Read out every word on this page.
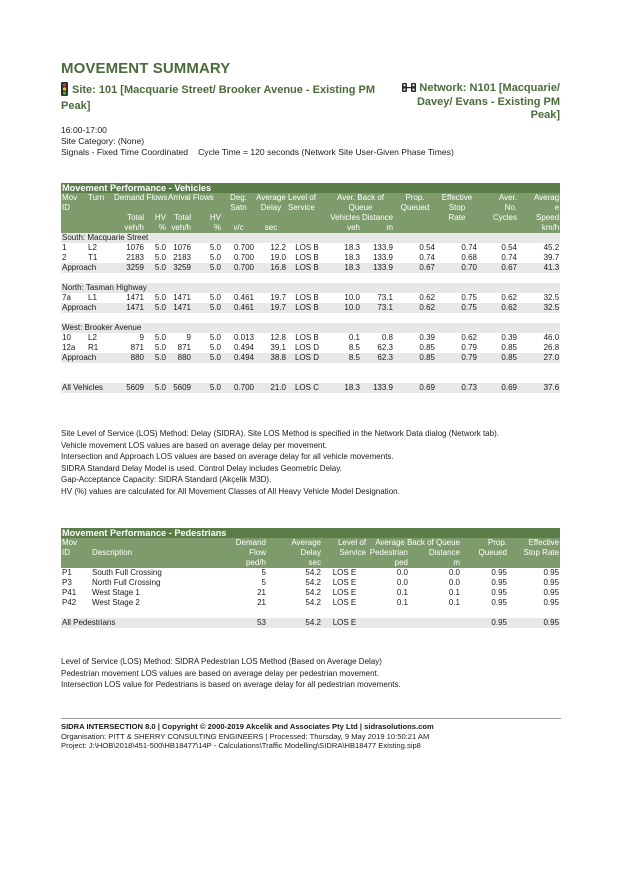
MOVEMENT SUMMARY
Site: 101 [Macquarie Street/ Brooker Avenue - Existing PM Peak]
Network: N101 [Macquarie/ Davey/ Evans - Existing PM Peak]
16:00-17:00
Site Category: (None)
Signals - Fixed Time Coordinated Cycle Time = 120 seconds (Network Site User-Given Phase Times)
Movement Performance - Vehicles														
Mov	Turn	Demand Flows		Arrival Flows		Deg.	Average	Level of	Aver. Back of		Prop.	Effective	Aver.	Averag
ID						Satn	Delay	Service	Queue		Queued	Stop	No.	e
		Total	HV	Total	HV				Vehicles	Distance		Rate	Cycles	Speed
		veh/h	%	veh/h	%	v/c	sec		veh	m				km/h
South: Macquarie Street														
1	L2	1076	5.0	1076	5.0	0.700	12.2	LOS B	18.3	133.9	0.54	0.74	0.54	45.2
2	T1	2183	5.0	2183	5.0	0.700	19.0	LOS B	18.3	133.9	0.74	0.68	0.74	39.7
Approach		3259	5.0	3259	5.0	0.700	16.8	LOS B	18.3	133.9	0.67	0.70	0.67	41.3

North: Tasman Highway														
7a	L1	1471	5.0	1471	5.0	0.461	19.7	LOS B	10.0	73.1	0.62	0.75	0.62	32.5
Approach		1471	5.0	1471	5.0	0.461	19.7	LOS B	10.0	73.1	0.62	0.75	0.62	32.5

West: Brooker Avenue														
10	L2	9	5.0	9	5.0	0.013	12.8	LOS B	0.1	0.8	0.39	0.62	0.39	46.0
12a	R1	871	5.0	871	5.0	0.494	39.1	LOS D	8.5	62.3	0.85	0.79	0.85	26.8
Approach		880	5.0	880	5.0	0.494	38.8	LOS D	8.5	62.3	0.85	0.79	0.85	27.0

All Vehicles		5609	5.0	5609	5.0	0.700	21.0	LOS C	18.3	133.9	0.69	0.73	0.69	37.6
Site Level of Service (LOS) Method: Delay (SIDRA). Site LOS Method is specified in the Network Data dialog (Network tab).
Vehicle movement LOS values are based on average delay per movement.
Intersection and Approach LOS values are based on average delay for all vehicle movements.
SIDRA Standard Delay Model is used. Control Delay includes Geometric Delay.
Gap-Acceptance Capacity: SIDRA Standard (Akçelik M3D).
HV (%) values are calculated for All Movement Classes of All Heavy Vehicle Model Designation.
Movement Performance - Pedestrians								
Mov		Demand	Average	Level of	Average Back of Queue		Prop.	Effective
ID	Description	Flow	Delay	Service	Pedestrian	Distance	Queued	Stop Rate
		ped/h	sec		ped	m		
P1	South Full Crossing	5	54.2	LOS E	0.0	0.0	0.95	0.95
P3	North Full Crossing	5	54.2	LOS E	0.0	0.0	0.95	0.95
P41	West Stage 1	21	54.2	LOS E	0.1	0.1	0.95	0.95
P42	West Stage 2	21	54.2	LOS E	0.1	0.1	0.95	0.95

All Pedestrians		53	54.2	LOS E			0.95	0.95
Level of Service (LOS) Method: SIDRA Pedestrian LOS Method (Based on Average Delay)
Pedestrian movement LOS values are based on average delay per pedestrian movement.
Intersection LOS value for Pedestrians is based on average delay for all pedestrian movements.
SIDRA INTERSECTION 8.0 | Copyright © 2000-2019 Akcelik and Associates Pty Ltd | sidrasolutions.com
Organisation: PITT & SHERRY CONSULTING ENGINEERS | Processed: Thursday, 9 May 2019 10:50:21 AM
Project: J:\HOB\2018\451-500\HB18477\14P - Calculations\Traffic Modelling\SIDRA\HB18477 Existing.sip8
